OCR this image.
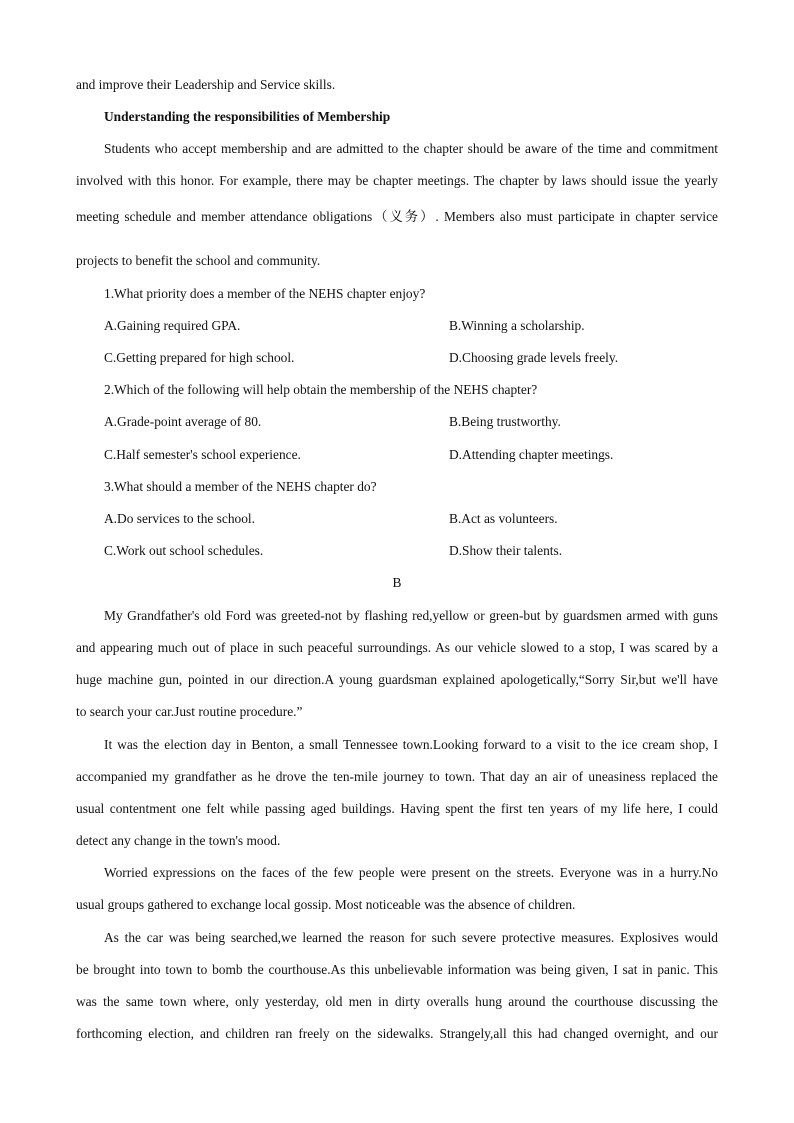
and improve their Leadership and Service skills.
Understanding the responsibilities of Membership
Students who accept membership and are admitted to the chapter should be aware of the time and commitment
involved with this honor. For example, there may be chapter meetings. The chapter by laws should issue the yearly
meeting schedule and member attendance obligations（义务）. Members also must participate in chapter service
projects to benefit the school and community.
1.What priority does a member of the NEHS chapter enjoy?
A.Gaining required GPA.	B.Winning a scholarship.
C.Getting prepared for high school.	D.Choosing grade levels freely.
2.Which of the following will help obtain the membership of the NEHS chapter?
A.Grade-point average of 80.	B.Being trustworthy.
C.Half semester's school experience.	D.Attending chapter meetings.
3.What should a member of the NEHS chapter do?
A.Do services to the school.	B.Act as volunteers.
C.Work out school schedules.	D.Show their talents.
B
My Grandfather's old Ford was greeted-not by flashing red,yellow or green-but by guardsmen armed with guns
and appearing much out of place in such peaceful surroundings. As our vehicle slowed to a stop, I was scared by a
huge machine gun, pointed in our direction.A young guardsman explained apologetically,“Sorry Sir,but we'll have
to search your car.Just routine procedure.”
It was the election day in Benton, a small Tennessee town.Looking forward to a visit to the ice cream shop, I
accompanied my grandfather as he drove the ten-mile journey to town. That day an air of uneasiness replaced the
usual contentment one felt while passing aged buildings. Having spent the first ten years of my life here, I could
detect any change in the town's mood.
Worried expressions on the faces of the few people were present on the streets. Everyone was in a hurry.No
usual groups gathered to exchange local gossip. Most noticeable was the absence of children.
As the car was being searched,we learned the reason for such severe protective measures. Explosives would
be brought into town to bomb the courthouse.As this unbelievable information was being given, I sat in panic. This
was the same town where, only yesterday, old men in dirty overalls hung around the courthouse discussing the
forthcoming election, and children ran freely on the sidewalks. Strangely,all this had changed overnight, and our
